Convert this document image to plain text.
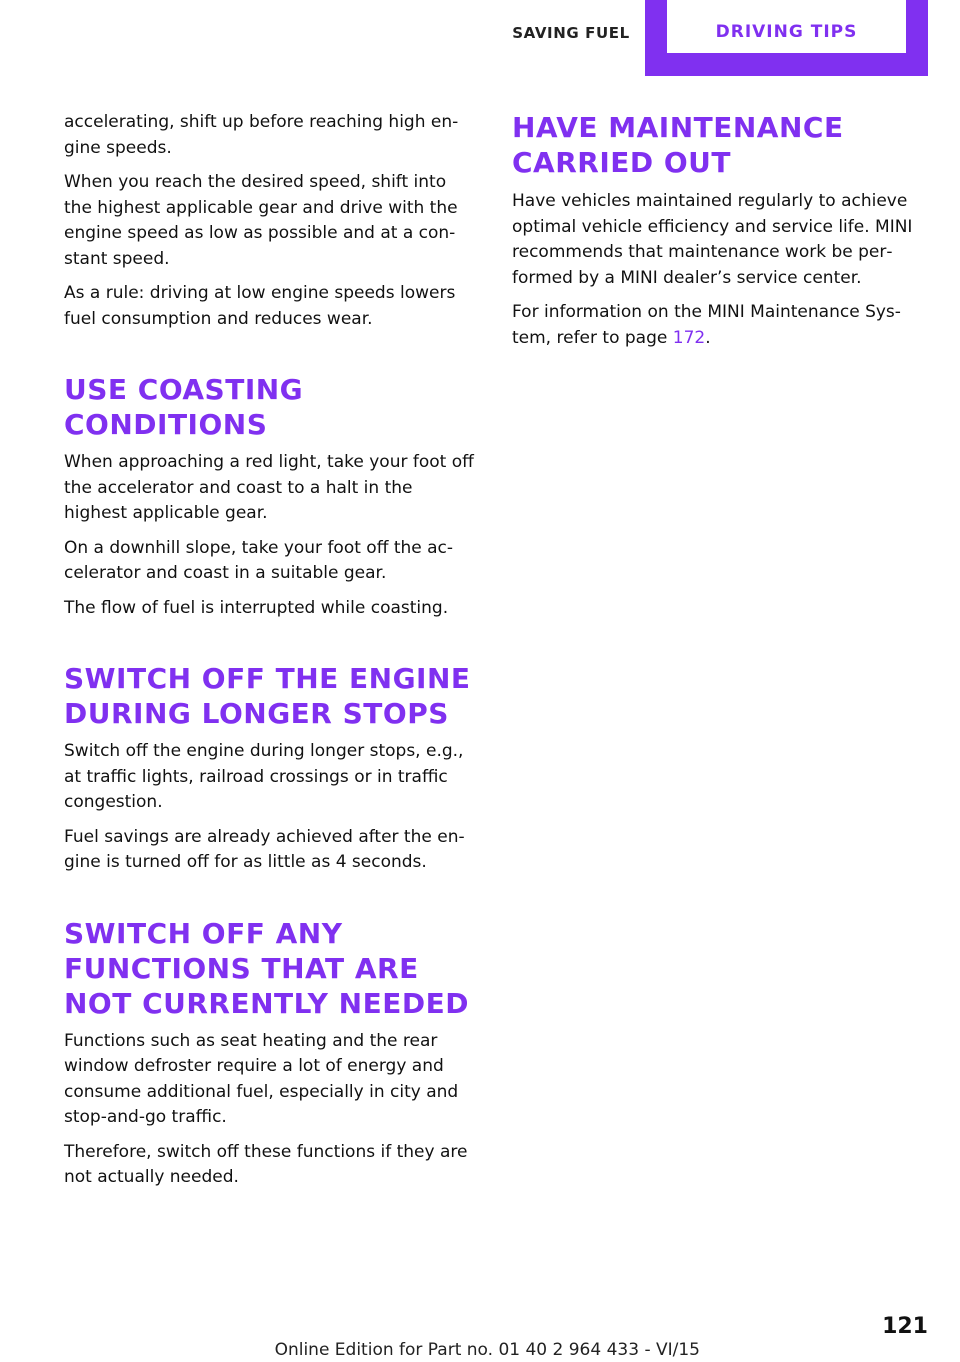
SAVING FUEL	DRIVING TIPS

accelerating, shift up before reaching high engine speeds.

When you reach the desired speed, shift into the highest applicable gear and drive with the engine speed as low as possible and at a constant speed.

As a rule: driving at low engine speeds lowers fuel consumption and reduces wear.

USE COASTING CONDITIONS

When approaching a red light, take your foot off the accelerator and coast to a halt in the highest applicable gear.

On a downhill slope, take your foot off the accelerator and coast in a suitable gear.

The flow of fuel is interrupted while coasting.

SWITCH OFF THE ENGINE DURING LONGER STOPS

Switch off the engine during longer stops, e.g., at traffic lights, railroad crossings or in traffic congestion.

Fuel savings are already achieved after the engine is turned off for as little as 4 seconds.

SWITCH OFF ANY FUNCTIONS THAT ARE NOT CURRENTLY NEEDED

Functions such as seat heating and the rear window defroster require a lot of energy and consume additional fuel, especially in city and stop-and-go traffic.

Therefore, switch off these functions if they are not actually needed.

HAVE MAINTENANCE CARRIED OUT

Have vehicles maintained regularly to achieve optimal vehicle efficiency and service life. MINI recommends that maintenance work be performed by a MINI dealer’s service center.

For information on the MINI Maintenance System, refer to page 172.

121
Online Edition for Part no. 01 40 2 964 433 - VI/15
